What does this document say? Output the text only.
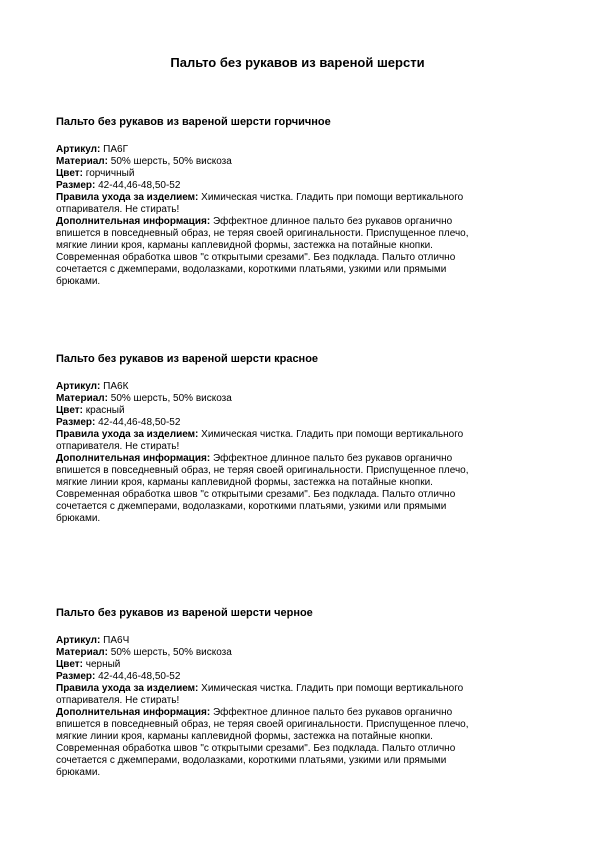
Пальто без рукавов из вареной шерсти
Пальто без рукавов из вареной шерсти горчичное

Артикул: ПА6Г

Материал: 50% шерсть, 50% вискоза

Цвет: горчичный

Размер: 42-44,46-48,50-52

Правила ухода за изделием: Химическая чистка. Гладить при помощи вертикального
отпаривателя. Не стирать!

Дополнительная информация: Эффектное длинное пальто без рукавов органично
впишется в повседневный образ, не теряя своей оригинальности. Приспущенное плечо,
мягкие линии кроя, карманы каплевидной формы, застежка на потайные кнопки.
Современная обработка швов "с открытыми срезами". Без подкладa. Пальто отлично
сочетается с джемперами, водолазками, короткими платьями, узкими или прямыми
брюками.

Пальто без рукавов из вареной шерсти красное

Артикул: ПА6К

Материал: 50% шерсть, 50% вискоза

Цвет: красный

Размер: 42-44,46-48,50-52

Правила ухода за изделием: Химическая чистка. Гладить при помощи вертикального
отпаривателя. Не стирать!

Дополнительная информация: Эффектное длинное пальто без рукавов органично
впишется в повседневный образ, не теряя своей оригинальности. Приспущенное плечо,
мягкие линии кроя, карманы каплевидной формы, застежка на потайные кнопки.
Современная обработка швов "с открытыми срезами". Без подкладa. Пальто отлично
сочетается с джемперами, водолазками, короткими платьями, узкими или прямыми
брюками.

Пальто без рукавов из вареной шерсти черное

Артикул: ПА6Ч

Материал: 50% шерсть, 50% вискоза

Цвет: черный

Размер: 42-44,46-48,50-52

Правила ухода за изделием: Химическая чистка. Гладить при помощи вертикального
отпаривателя. Не стирать!

Дополнительная информация: Эффектное длинное пальто без рукавов органично
впишется в повседневный образ, не теряя своей оригинальности. Приспущенное плечо,
мягкие линии кроя, карманы каплевидной формы, застежка на потайные кнопки.
Современная обработка швов "с открытыми срезами". Без подкладa. Пальто отлично
сочетается с джемперами, водолазками, короткими платьями, узкими или прямыми
брюками.
